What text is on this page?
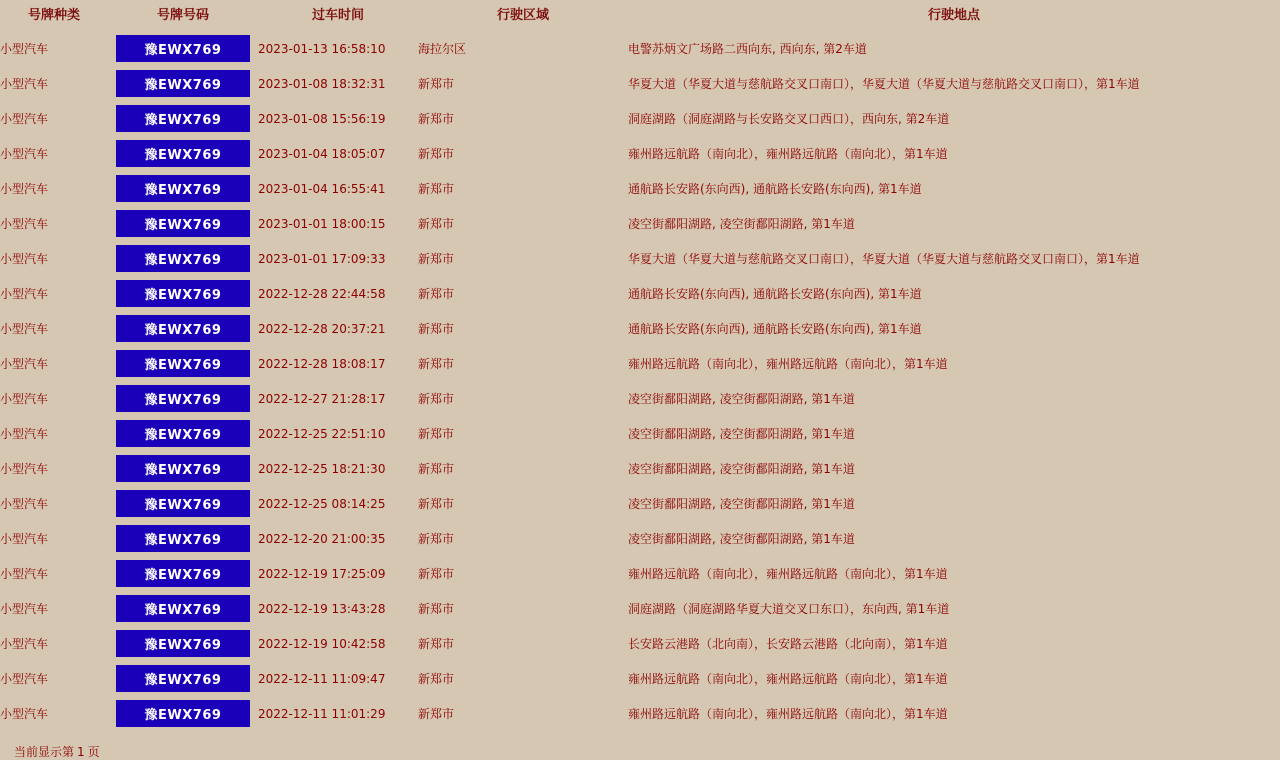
号牌种类	号牌号码	过车时间	行驶区域	行驶地点
小型汽车	豫EWX769	2023-01-13 16:58:10	海拉尔区	电警苏炳文广场路二西向东, 西向东, 第2车道
小型汽车	豫EWX769	2023-01-08 18:32:31	新郑市	华夏大道（华夏大道与慈航路交叉口南口），华夏大道（华夏大道与慈航路交叉口南口），第1车道
小型汽车	豫EWX769	2023-01-08 15:56:19	新郑市	洞庭湖路（洞庭湖路与长安路交叉口西口），西向东, 第2车道
小型汽车	豫EWX769	2023-01-04 18:05:07	新郑市	雍州路远航路（南向北），雍州路远航路（南向北），第1车道
小型汽车	豫EWX769	2023-01-04 16:55:41	新郑市	通航路长安路(东向西), 通航路长安路(东向西), 第1车道
小型汽车	豫EWX769	2023-01-01 18:00:15	新郑市	凌空街鄱阳湖路, 凌空街鄱阳湖路, 第1车道
小型汽车	豫EWX769	2023-01-01 17:09:33	新郑市	华夏大道（华夏大道与慈航路交叉口南口），华夏大道（华夏大道与慈航路交叉口南口），第1车道
小型汽车	豫EWX769	2022-12-28 22:44:58	新郑市	通航路长安路(东向西), 通航路长安路(东向西), 第1车道
小型汽车	豫EWX769	2022-12-28 20:37:21	新郑市	通航路长安路(东向西), 通航路长安路(东向西), 第1车道
小型汽车	豫EWX769	2022-12-28 18:08:17	新郑市	雍州路远航路（南向北），雍州路远航路（南向北），第1车道
小型汽车	豫EWX769	2022-12-27 21:28:17	新郑市	凌空街鄱阳湖路, 凌空街鄱阳湖路, 第1车道
小型汽车	豫EWX769	2022-12-25 22:51:10	新郑市	凌空街鄱阳湖路, 凌空街鄱阳湖路, 第1车道
小型汽车	豫EWX769	2022-12-25 18:21:30	新郑市	凌空街鄱阳湖路, 凌空街鄱阳湖路, 第1车道
小型汽车	豫EWX769	2022-12-25 08:14:25	新郑市	凌空街鄱阳湖路, 凌空街鄱阳湖路, 第1车道
小型汽车	豫EWX769	2022-12-20 21:00:35	新郑市	凌空街鄱阳湖路, 凌空街鄱阳湖路, 第1车道
小型汽车	豫EWX769	2022-12-19 17:25:09	新郑市	雍州路远航路（南向北），雍州路远航路（南向北），第1车道
小型汽车	豫EWX769	2022-12-19 13:43:28	新郑市	洞庭湖路（洞庭湖路华夏大道交叉口东口），东向西, 第1车道
小型汽车	豫EWX769	2022-12-19 10:42:58	新郑市	长安路云港路（北向南），长安路云港路（北向南），第1车道
小型汽车	豫EWX769	2022-12-11 11:09:47	新郑市	雍州路远航路（南向北），雍州路远航路（南向北），第1车道
小型汽车	豫EWX769	2022-12-11 11:01:29	新郑市	雍州路远航路（南向北），雍州路远航路（南向北），第1车道
当前显示第 1 页
